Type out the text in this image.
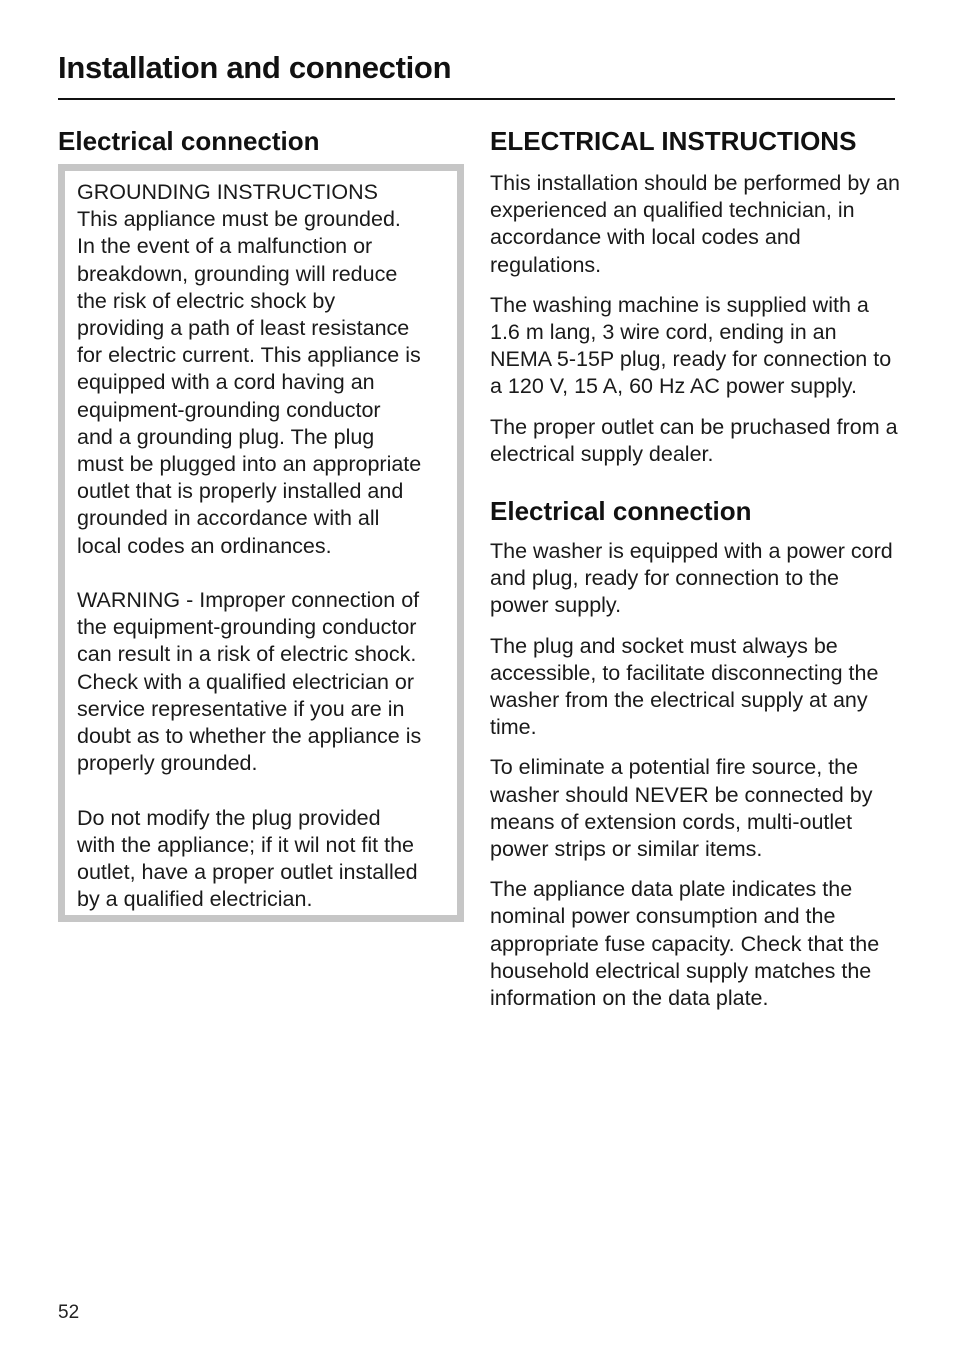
Installation and connection
Electrical connection

GROUNDING INSTRUCTIONS
This appliance must be grounded.
In the event of a malfunction or
breakdown, grounding will reduce
the risk of electric shock by
providing a path of least resistance
for electric current. This appliance is
equipped with a cord having an
equipment-grounding conductor
and a grounding plug. The plug
must be plugged into an appropriate
outlet that is properly installed and
grounded in accordance with all
local codes an ordinances.

WARNING - Improper connection of
the equipment-grounding conductor
can result in a risk of electric shock.
Check with a qualified electrician or
service representative if you are in
doubt as to whether the appliance is
properly grounded.

Do not modify the plug provided
with the appliance; if it wil not fit the
outlet, have a proper outlet installed
by a qualified electrician.

ELECTRICAL INSTRUCTIONS

This installation should be performed by an experienced an qualified technician, in accordance with local codes and regulations.

The washing machine is supplied with a 1.6 m lang, 3 wire cord, ending in an NEMA 5-15P plug, ready for connection to a 120 V, 15 A, 60 Hz AC power supply.

The proper outlet can be pruchased from a electrical supply dealer.

Electrical connection

The washer is equipped with a power cord and plug, ready for connection to the power supply.

The plug and socket must always be accessible, to facilitate disconnecting the washer from the electrical supply at any time.

To eliminate a potential fire source, the washer should NEVER be connected by means of extension cords, multi-outlet power strips or similar items.

The appliance data plate indicates the nominal power consumption and the appropriate fuse capacity. Check that the household electrical supply matches the information on the data plate.

52
